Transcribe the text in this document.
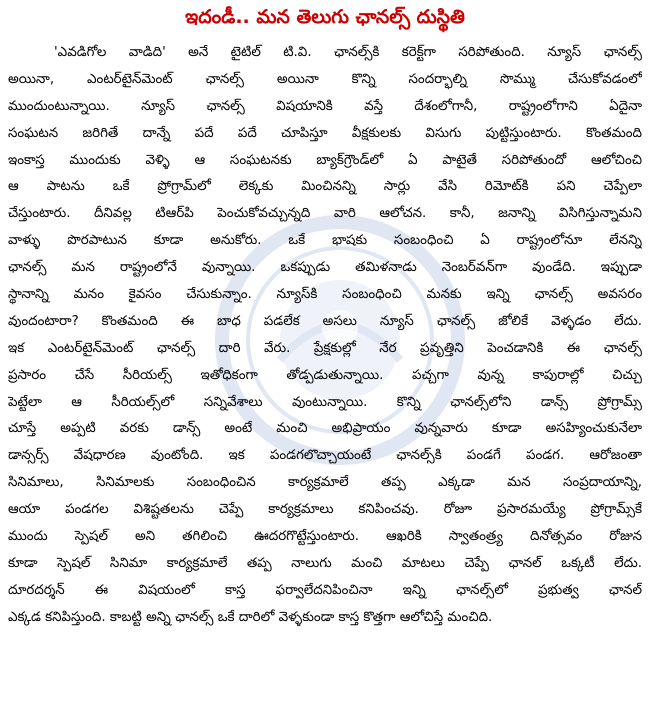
ఇదండీ.. మన తెలుగు ఛానల్స్ దుస్థితి
'ఎవడిగోల వాడిది' అనే టైటిల్ టి.వి. ఛానల్స్‌కి కరెక్ట్‌గా సరిపోతుంది. న్యూస్ ఛానల్స్
అయినా, ఎంటర్‌టైన్‌మెంట్ ఛానల్స్ అయినా కొన్ని సందర్భాల్ని సొమ్ము చేసుకోవడంలో
ముందుంటున్నాయి. న్యూస్ ఛానల్స్ విషయానికి వస్తే దేశంలోగానీ, రాష్ట్రంలోగాని ఏదైనా
సంఘటన జరిగితే దాన్నే పదే పదే చూపిస్తూ వీక్షకులకు విసుగు పుట్టిస్తుంటారు. కొంతమంది
ఇంకాస్త ముందుకు వెళ్ళి ఆ సంఘటనకు బ్యాక్‌గ్రౌండ్‌లో ఏ పాటైతే సరిపోతుందో ఆలోచించి
ఆ పాటను ఒకే ప్రోగ్రామ్‌లో లెక్కకు మించినన్ని సార్లు వేసి రిమోట్‌కి పని చెప్పేలా
చేస్తుంటారు. దీనివల్ల టిఆర్‌పి పెంచుకోవచ్చున్నది వారి ఆలోచన. కానీ, జనాన్ని విసిగిస్తున్నామని
వాళ్ళు పొరపాటున కూడా అనుకోరు. ఒకే భాషకు సంబంధించి ఏ రాష్ట్రంలోనూ లేనన్ని
ఛానల్స్ మన రాష్ట్రంలోనే వున్నాయి. ఒకప్పుడు తమిళనాడు నెంబర్‌వన్‌గా వుండేది. ఇప్పుడా
స్థానాన్ని మనం కైవసం చేసుకున్నాం. న్యూస్‌కి సంబంధించి మనకు ఇన్ని ఛానల్స్ అవసరం
వుందంటారా? కొంతమంది ఈ బాధ పడలేక అసలు న్యూస్ ఛానల్స్ జోలికే వెళ్ళడం లేదు.
ఇక ఎంటర్‌టైన్‌మెంట్ ఛానల్స్ దారి వేరు. ప్రేక్షకుల్లో నేర ప్రవృత్తిని పెంచడానికి ఈ ఛానల్స్
ప్రసారం చేసే సీరియల్స్ ఇతోధికంగా తోడ్పడుతున్నాయి. పచ్చగా వున్న కాపురాల్లో చిచ్చు
పెట్టేలా ఆ సీరియల్స్‌లో సన్నివేశాలు వుంటున్నాయి. కొన్ని ఛానల్స్‌లోని డాన్స్ ప్రోగ్రామ్స్
చూస్తే అప్పటి వరకు డాన్స్ అంటే మంచి అభిప్రాయం వున్నవారు కూడా అసహ్యించుకునేలా
డాన్సర్స్ వేషధారణ వుంటోంది. ఇక పండగలొచ్చాయంటే ఛానల్స్‌కి పండగే పండగ. ఆరోజంతా
సినిమాలు, సినిమాలకు సంబంధించిన కార్యక్రమాలే తప్ప ఎక్కడా మన సంప్రదాయాన్ని,
ఆయా పండగల విశిష్టతలను చెప్పే కార్యక్రమాలు కనిపించవు. రోజూ ప్రసారమయ్యే ప్రోగ్రామ్స్‌కే
ముందు స్పెషల్ అని తగిలించి ఊదరగొట్టేస్తుంటారు. ఆఖరికి స్వాతంత్ర్య దినోత్సవం రోజున
కూడా స్పెషల్ సినిమా కార్యక్రమాలే తప్ప నాలుగు మంచి మాటలు చెప్పే ఛానల్ ఒక్కటీ లేదు.
దూరదర్శన్ ఈ విషయంలో కాస్త ఫర్వాలేదనిపించినా ఇన్ని ఛానల్స్‌లో ప్రభుత్వ ఛానల్
ఎక్కడ కనిపిస్తుంది. కాబట్టి అన్ని ఛానల్స్ ఒకే దారిలో వెళ్ళకుండా కాస్త కొత్తగా ఆలోచిస్తే మంచిది.
